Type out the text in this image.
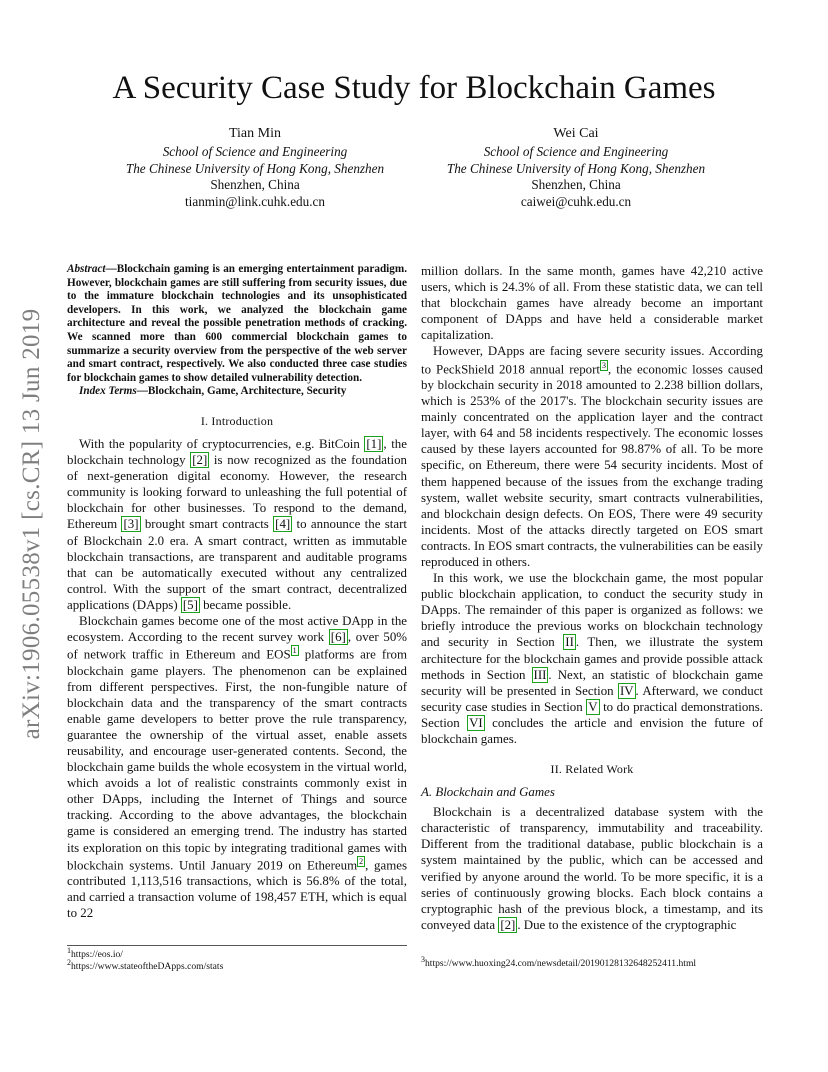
A Security Case Study for Blockchain Games
Tian Min
School of Science and Engineering
The Chinese University of Hong Kong, Shenzhen
Shenzhen, China
tianmin@link.cuhk.edu.cn
Wei Cai
School of Science and Engineering
The Chinese University of Hong Kong, Shenzhen
Shenzhen, China
caiwei@cuhk.edu.cn
arXiv:1906.05538v1 [cs.CR] 13 Jun 2019

Abstract—Blockchain gaming is an emerging entertainment paradigm. However, blockchain games are still suffering from security issues, due to the immature blockchain technologies and its unsophisticated developers. In this work, we analyzed the blockchain game architecture and reveal the possible penetration methods of cracking. We scanned more than 600 commercial blockchain games to summarize a security overview from the perspective of the web server and smart contract, respectively. We also conducted three case studies for blockchain games to show detailed vulnerability detection.

Index Terms—Blockchain, Game, Architecture, Security

I. Introduction

With the popularity of cryptocurrencies, e.g. BitCoin [1] , the blockchain technology [2] is now recognized as the foundation of next-generation digital economy. However, the research community is looking forward to unleashing the full potential of blockchain for other businesses. To respond to the demand, Ethereum [3] brought smart contracts [4] to announce the start of Blockchain 2.0 era. A smart contract, written as immutable blockchain transactions, are transparent and auditable programs that can be automatically executed without any centralized control. With the support of the smart contract, decentralized applications (DApps) [5] became possible.

Blockchain games become one of the most active DApp in the ecosystem. According to the recent survey work [6] , over 50% of network traffic in Ethereum and EOS $^1$ platforms are from blockchain game players. The phenomenon can be explained from different perspectives. First, the non-fungible nature of blockchain data and the transparency of the smart contracts enable game developers to better prove the rule transparency, guarantee the ownership of the virtual asset, enable assets reusability, and encourage user-generated contents. Second, the blockchain game builds the whole ecosystem in the virtual world, which avoids a lot of realistic constraints commonly exist in other DApps, including the Internet of Things and source tracking. According to the above advantages, the blockchain game is considered an emerging trend. The industry has started its exploration on this topic by integrating traditional games with blockchain systems. Until January 2019 on Ethereum $^2$ , games contributed 1,113,516 transactions, which is 56.8% of the total, and carried a transaction volume of 198,457 ETH, which is equal to 22

million dollars. In the same month, games have 42,210 active users, which is 24.3% of all. From these statistic data, we can tell that blockchain games have already become an important component of DApps and have held a considerable market capitalization.

However, DApps are facing severe security issues. According to PeckShield 2018 annual report $^3$ , the economic losses caused by blockchain security in 2018 amounted to 2.238 billion dollars, which is 253% of the 2017's. The blockchain security issues are mainly concentrated on the application layer and the contract layer, with 64 and 58 incidents respectively. The economic losses caused by these layers accounted for 98.87% of all. To be more specific, on Ethereum, there were 54 security incidents. Most of them happened because of the issues from the exchange trading system, wallet website security, smart contracts vulnerabilities, and blockchain design defects. On EOS, There were 49 security incidents. Most of the attacks directly targeted on EOS smart contracts. In EOS smart contracts, the vulnerabilities can be easily reproduced in others.

In this work, we use the blockchain game, the most popular public blockchain application, to conduct the security study in DApps. The remainder of this paper is organized as follows: we briefly introduce the previous works on blockchain technology and security in Section II . Then, we illustrate the system architecture for the blockchain games and provide possible attack methods in Section III . Next, an statistic of blockchain game security will be presented in Section IV . Afterward, we conduct security case studies in Section V to do practical demonstrations. Section VI concludes the article and envision the future of blockchain games.

II. Related Work
A. Blockchain and Games

Blockchain is a decentralized database system with the characteristic of transparency, immutability and traceability. Different from the traditional database, public blockchain is a system maintained by the public, which can be accessed and verified by anyone around the world. To be more specific, it is a series of continuously growing blocks. Each block contains a cryptographic hash of the previous block, a timestamp, and its conveyed data [2] . Due to the existence of the cryptographic

$^1$https://eos.io/
$^2$https://www.stateoftheDApps.com/stats
$^3$https://www.huoxing24.com/newsdetail/20190128132648252411.html
